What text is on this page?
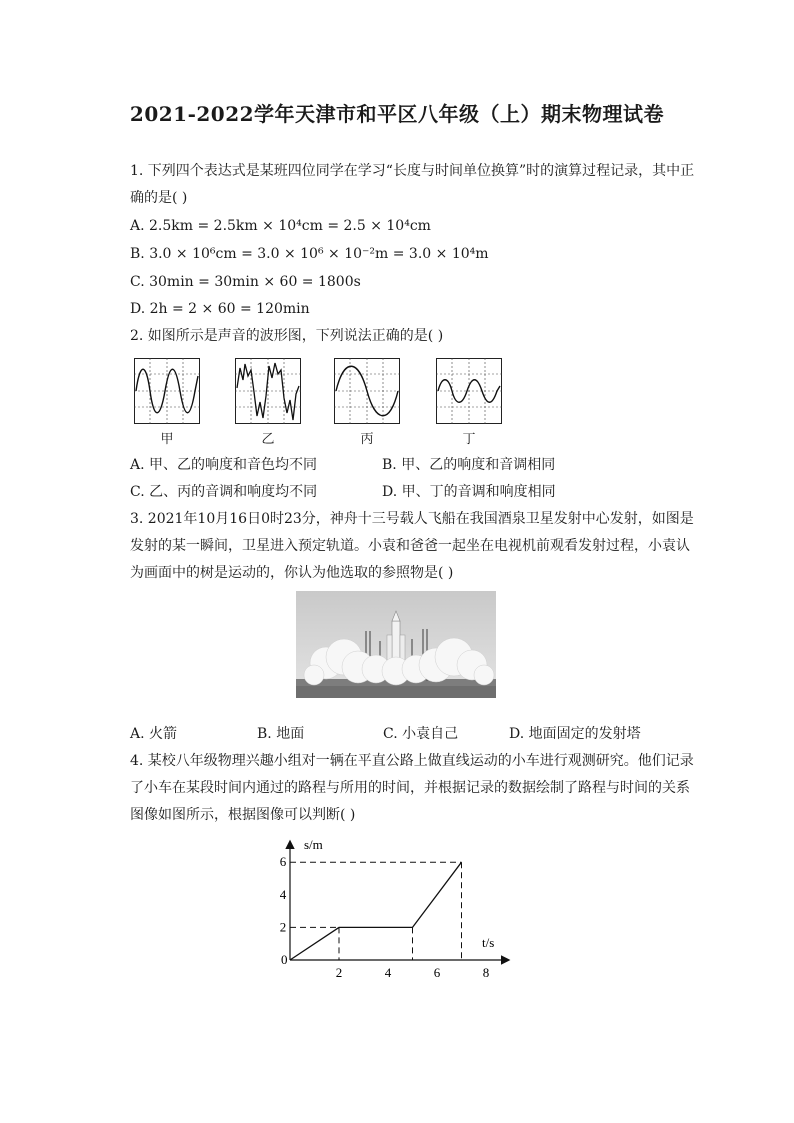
2021-2022学年天津市和平区八年级（上）期末物理试卷
1. 下列四个表达式是某班四位同学在学习“长度与时间单位换算”时的演算过程记录，其中正确的是( )
A. 2.5km = 2.5km × 10⁴cm = 2.5 × 10⁴cm
B. 3.0 × 10⁶cm = 3.0 × 10⁶ × 10⁻²m = 3.0 × 10⁴m
C. 30min = 30min × 60 = 1800s
D. 2h = 2 × 60 = 120min
2. 如图所示是声音的波形图，下列说法正确的是( )
甲	乙	丙	丁
A. 甲、乙的响度和音色均不同	B. 甲、乙的响度和音调相同
C. 乙、丙的音调和响度均不同	D. 甲、丁的音调和响度相同
3. 2021年10月16日0时23分，神舟十三号载人飞船在我国酒泉卫星发射中心发射，如图是发射的某一瞬间，卫星进入预定轨道。小袁和爸爸一起坐在电视机前观看发射过程，小袁认为画面中的树是运动的，你认为他选取的参照物是( )
A. 火箭	B. 地面	C. 小袁自己	D. 地面固定的发射塔
4. 某校八年级物理兴趣小组对一辆在平直公路上做直线运动的小车进行观测研究。他们记录了小车在某段时间内通过的路程与所用的时间，并根据记录的数据绘制了路程与时间的关系图像如图所示，根据图像可以判断( )
s/m
t/s
0
2	4	6	8
2
4
6
